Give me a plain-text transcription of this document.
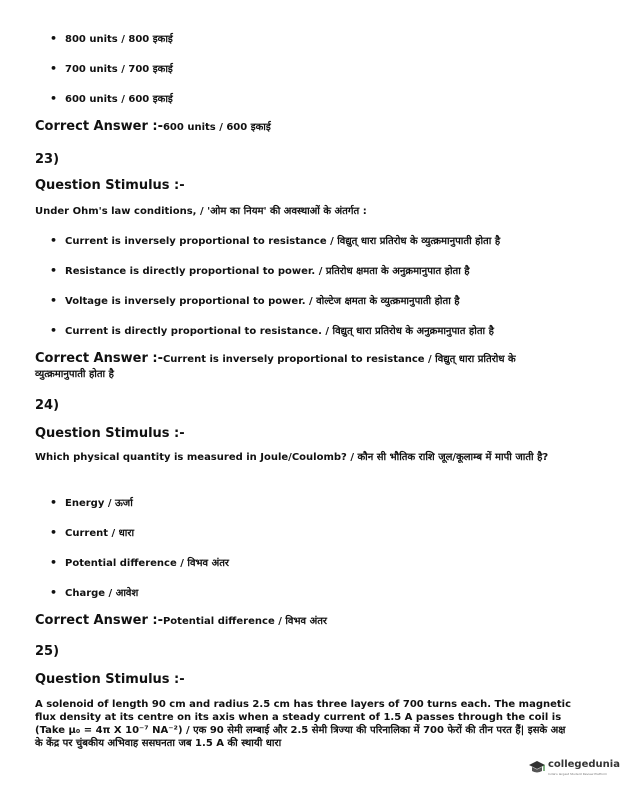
• 800 units / 800 इकाई
• 700 units / 700 इकाई
• 600 units / 600 इकाई
Correct Answer :-600 units / 600 इकाई
23)
Question Stimulus :-
Under Ohm's law conditions, / 'ओम का नियम' की अवस्थाओं के अंतर्गत :
• Current is inversely proportional to resistance / विद्युत् धारा प्रतिरोध के व्युत्क्रमानुपाती होता है
• Resistance is directly proportional to power. / प्रतिरोध क्षमता के अनुक्रमानुपात होता है
• Voltage is inversely proportional to power. / वोल्टेज क्षमता के व्युत्क्रमानुपाती होता है
• Current is directly proportional to resistance. / विद्युत् धारा प्रतिरोध के अनुक्रमानुपात होता है
Correct Answer :-Current is inversely proportional to resistance / विद्युत् धारा प्रतिरोध के व्युत्क्रमानुपाती होता है
24)
Question Stimulus :-
Which physical quantity is measured in Joule/Coulomb? / कौन सी भौतिक राशि जूल/कूलाम्ब में मापी जाती है?
• Energy / ऊर्जा
• Current / धारा
• Potential difference / विभव अंतर
• Charge / आवेश
Correct Answer :-Potential difference / विभव अंतर
25)
Question Stimulus :-
A solenoid of length 90 cm and radius 2.5 cm has three layers of 700 turns each. The magnetic flux density at its centre on its axis when a steady current of 1.5 A passes through the coil is (Take μ₀ = 4π X 10⁻⁷ NA⁻²) / एक 90 सेमी लम्बाई और 2.5 सेमी त्रिज्या की परिनालिका में 700 फेरों की तीन परत हैं| इसके अक्ष के केंद्र पर चुंबकीय अभिवाह ससघनता जब 1.5 A की स्थायी धारा
collegedunia
India's largest Student Review Platform
